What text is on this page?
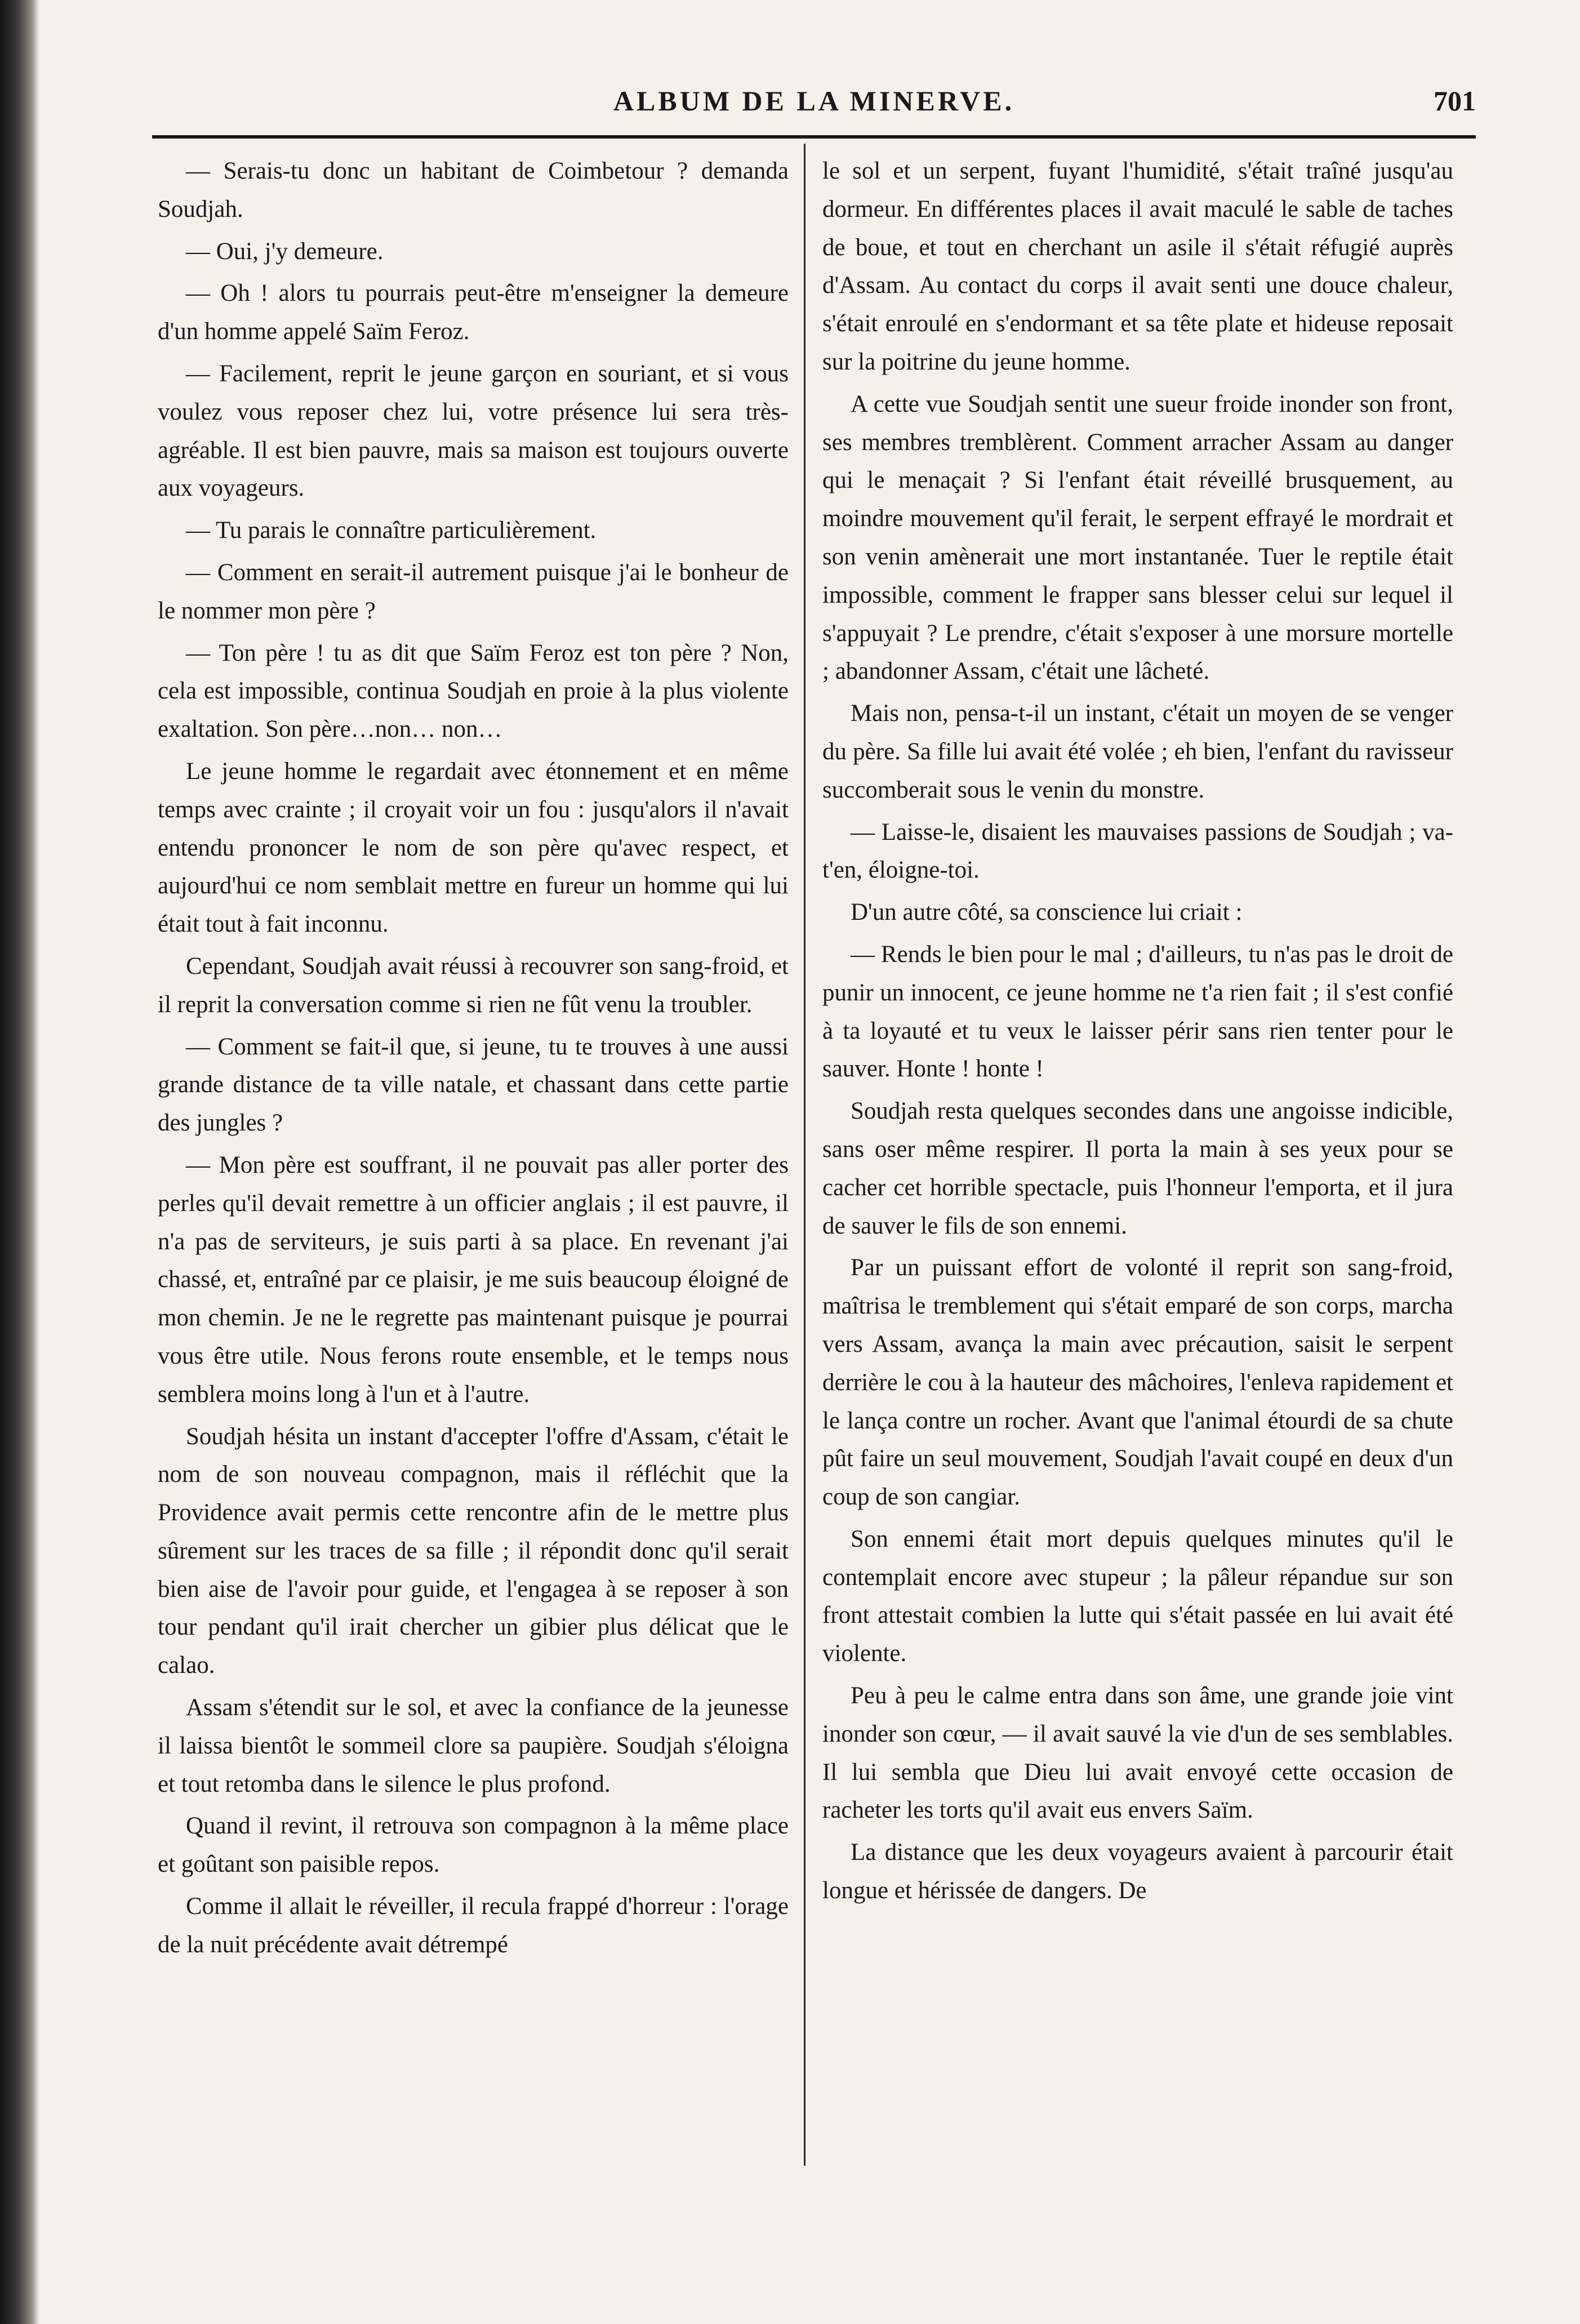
ALBUM DE LA MINERVE.	701

— Serais-tu donc un habitant de Coimbetour ? demanda Soudjah.

— Oui, j'y demeure.

— Oh ! alors tu pourrais peut-être m'enseigner la demeure d'un homme appelé Saïm Feroz.

— Facilement, reprit le jeune garçon en souriant, et si vous voulez vous reposer chez lui, votre présence lui sera très-agréable. Il est bien pauvre, mais sa maison est toujours ouverte aux voyageurs.

— Tu parais le connaître particulièrement.

— Comment en serait-il autrement puisque j'ai le bonheur de le nommer mon père ?

— Ton père ! tu as dit que Saïm Feroz est ton père ? Non, cela est impossible, continua Soudjah en proie à la plus violente exaltation. Son père…non… non…

Le jeune homme le regardait avec étonnement et en même temps avec crainte ; il croyait voir un fou : jusqu'alors il n'avait entendu prononcer le nom de son père qu'avec respect, et aujourd'hui ce nom semblait mettre en fureur un homme qui lui était tout à fait inconnu.

Cependant, Soudjah avait réussi à recouvrer son sang-froid, et il reprit la conversation comme si rien ne fût venu la troubler.

— Comment se fait-il que, si jeune, tu te trouves à une aussi grande distance de ta ville natale, et chassant dans cette partie des jungles ?

— Mon père est souffrant, il ne pouvait pas aller porter des perles qu'il devait remettre à un officier anglais ; il est pauvre, il n'a pas de serviteurs, je suis parti à sa place. En revenant j'ai chassé, et, entraîné par ce plaisir, je me suis beaucoup éloigné de mon chemin. Je ne le regrette pas maintenant puisque je pourrai vous être utile. Nous ferons route ensemble, et le temps nous semblera moins long à l'un et à l'autre.

Soudjah hésita un instant d'accepter l'offre d'Assam, c'était le nom de son nouveau compagnon, mais il réfléchit que la Providence avait permis cette rencontre afin de le mettre plus sûrement sur les traces de sa fille ; il répondit donc qu'il serait bien aise de l'avoir pour guide, et l'engagea à se reposer à son tour pendant qu'il irait chercher un gibier plus délicat que le calao.

Assam s'étendit sur le sol, et avec la confiance de la jeunesse il laissa bientôt le sommeil clore sa paupière. Soudjah s'éloigna et tout retomba dans le silence le plus profond.

Quand il revint, il retrouva son compagnon à la même place et goûtant son paisible repos.

Comme il allait le réveiller, il recula frappé d'horreur : l'orage de la nuit précédente avait détrempé

le sol et un serpent, fuyant l'humidité, s'était traîné jusqu'au dormeur. En différentes places il avait maculé le sable de taches de boue, et tout en cherchant un asile il s'était réfugié auprès d'Assam. Au contact du corps il avait senti une douce chaleur, s'était enroulé en s'endormant et sa tête plate et hideuse reposait sur la poitrine du jeune homme.

A cette vue Soudjah sentit une sueur froide inonder son front, ses membres tremblèrent. Comment arracher Assam au danger qui le menaçait ? Si l'enfant était réveillé brusquement, au moindre mouvement qu'il ferait, le serpent effrayé le mordrait et son venin amènerait une mort instantanée. Tuer le reptile était impossible, comment le frapper sans blesser celui sur lequel il s'appuyait ? Le prendre, c'était s'exposer à une morsure mortelle ; abandonner Assam, c'était une lâcheté.

Mais non, pensa-t-il un instant, c'était un moyen de se venger du père. Sa fille lui avait été volée ; eh bien, l'enfant du ravisseur succomberait sous le venin du monstre.

— Laisse-le, disaient les mauvaises passions de Soudjah ; va-t'en, éloigne-toi.

D'un autre côté, sa conscience lui criait :

— Rends le bien pour le mal ; d'ailleurs, tu n'as pas le droit de punir un innocent, ce jeune homme ne t'a rien fait ; il s'est confié à ta loyauté et tu veux le laisser périr sans rien tenter pour le sauver. Honte ! honte !

Soudjah resta quelques secondes dans une angoisse indicible, sans oser même respirer. Il porta la main à ses yeux pour se cacher cet horrible spectacle, puis l'honneur l'emporta, et il jura de sauver le fils de son ennemi.

Par un puissant effort de volonté il reprit son sang-froid, maîtrisa le tremblement qui s'était emparé de son corps, marcha vers Assam, avança la main avec précaution, saisit le serpent derrière le cou à la hauteur des mâchoires, l'enleva rapidement et le lança contre un rocher. Avant que l'animal étourdi de sa chute pût faire un seul mouvement, Soudjah l'avait coupé en deux d'un coup de son cangiar.

Son ennemi était mort depuis quelques minutes qu'il le contemplait encore avec stupeur ; la pâleur répandue sur son front attestait combien la lutte qui s'était passée en lui avait été violente.

Peu à peu le calme entra dans son âme, une grande joie vint inonder son cœur, — il avait sauvé la vie d'un de ses semblables. Il lui sembla que Dieu lui avait envoyé cette occasion de racheter les torts qu'il avait eus envers Saïm.

La distance que les deux voyageurs avaient à parcourir était longue et hérissée de dangers. De
